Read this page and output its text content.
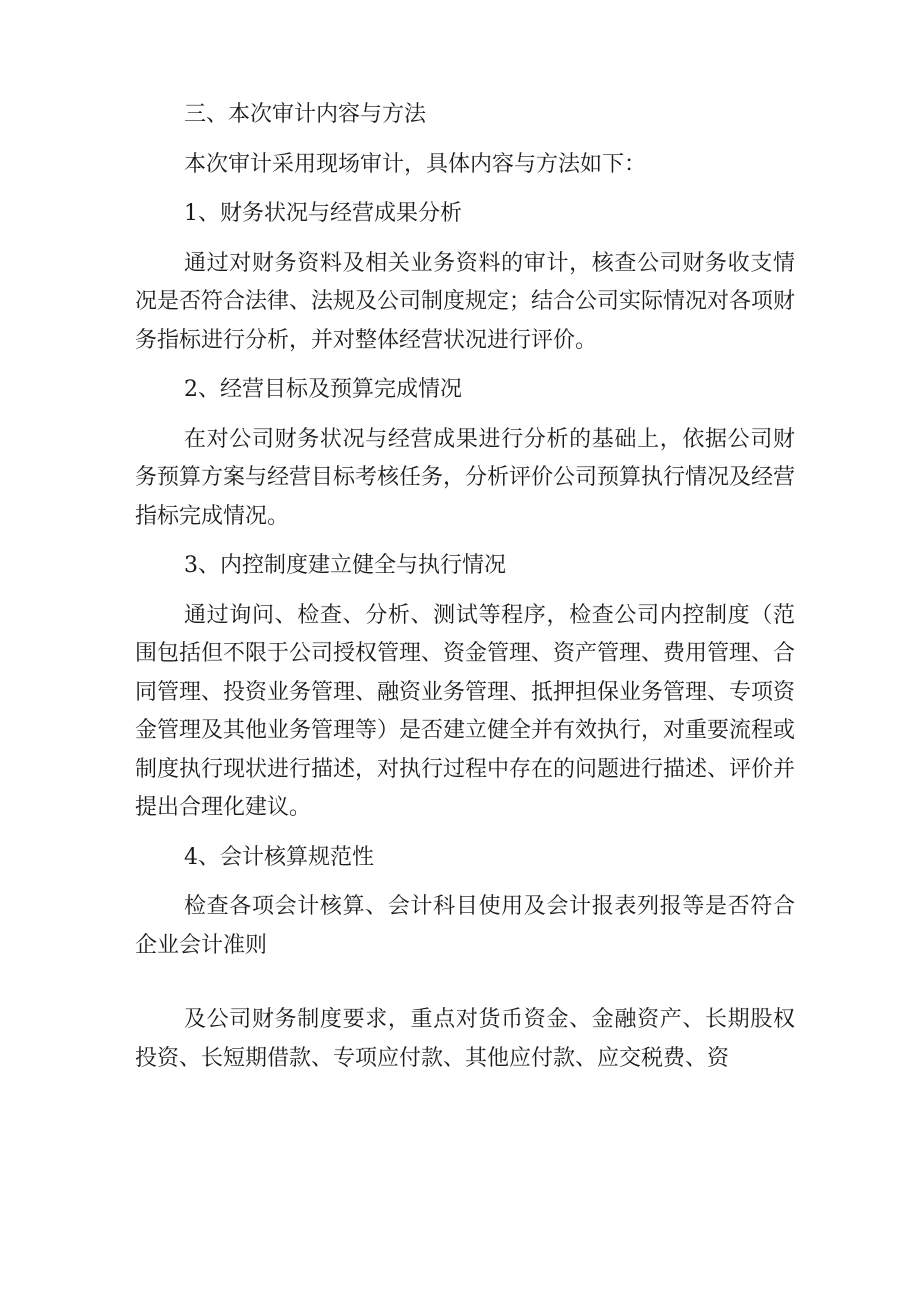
三、本次审计内容与方法

本次审计采用现场审计，具体内容与方法如下：

1、财务状况与经营成果分析

通过对财务资料及相关业务资料的审计，核查公司财务收支情况是否符合法律、法规及公司制度规定；结合公司实际情况对各项财务指标进行分析，并对整体经营状况进行评价。

2、经营目标及预算完成情况

在对公司财务状况与经营成果进行分析的基础上，依据公司财务预算方案与经营目标考核任务，分析评价公司预算执行情况及经营指标完成情况。

3、内控制度建立健全与执行情况

通过询问、检查、分析、测试等程序，检查公司内控制度（范围包括但不限于公司授权管理、资金管理、资产管理、费用管理、合同管理、投资业务管理、融资业务管理、抵押担保业务管理、专项资金管理及其他业务管理等）是否建立健全并有效执行，对重要流程或制度执行现状进行描述，对执行过程中存在的问题进行描述、评价并提出合理化建议。

4、会计核算规范性

检查各项会计核算、会计科目使用及会计报表列报等是否符合企业会计准则

及公司财务制度要求，重点对货币资金、金融资产、长期股权投资、长短期借款、专项应付款、其他应付款、应交税费、资
